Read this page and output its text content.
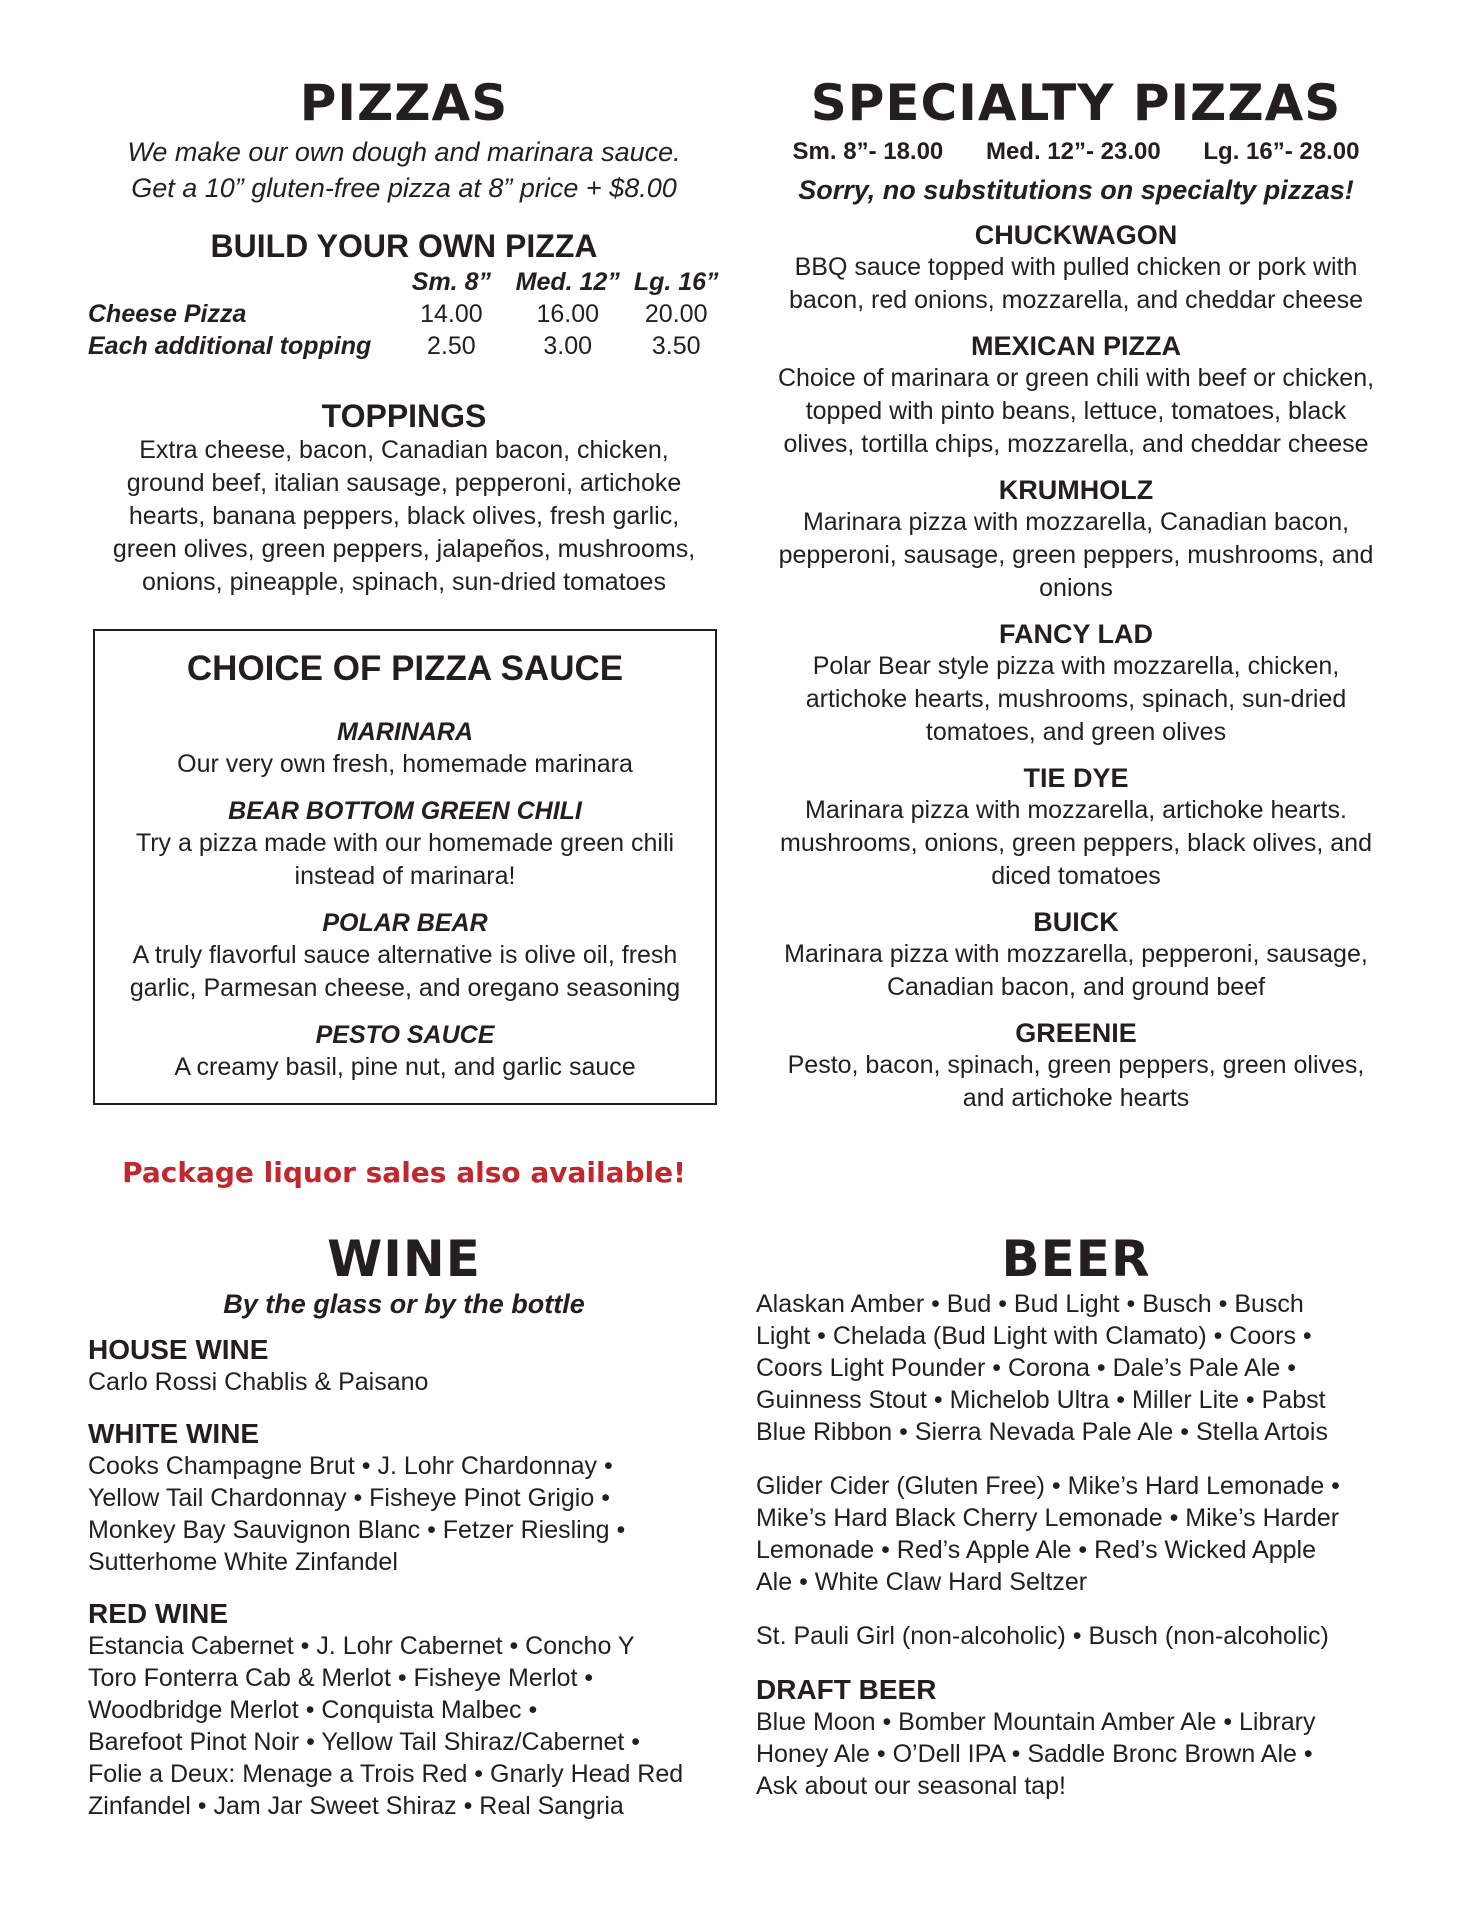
PIZZAS
We make our own dough and marinara sauce.
Get a 10” gluten-free pizza at 8” price + $8.00
BUILD YOUR OWN PIZZA
	Sm. 8”	Med. 12”	Lg. 16”
Cheese Pizza	14.00	16.00	20.00
Each additional topping	2.50	3.00	3.50
TOPPINGS
Extra cheese, bacon, Canadian bacon, chicken,
ground beef, italian sausage, pepperoni, artichoke
hearts, banana peppers, black olives, fresh garlic,
green olives, green peppers, jalapeños, mushrooms,
onions, pineapple, spinach, sun-dried tomatoes
CHOICE OF PIZZA SAUCE
MARINARA
Our very own fresh, homemade marinara
BEAR BOTTOM GREEN CHILI
Try a pizza made with our homemade green chili
instead of marinara!
POLAR BEAR
A truly flavorful sauce alternative is olive oil, fresh
garlic, Parmesan cheese, and oregano seasoning
PESTO SAUCE
A creamy basil, pine nut, and garlic sauce
Package liquor sales also available!
WINE
By the glass or by the bottle
HOUSE WINE
Carlo Rossi Chablis & Paisano
WHITE WINE
Cooks Champagne Brut • J. Lohr Chardonnay •
Yellow Tail Chardonnay • Fisheye Pinot Grigio •
Monkey Bay Sauvignon Blanc • Fetzer Riesling •
Sutterhome White Zinfandel
RED WINE
Estancia Cabernet • J. Lohr Cabernet • Concho Y
Toro Fonterra Cab & Merlot • Fisheye Merlot •
Woodbridge Merlot • Conquista Malbec •
Barefoot Pinot Noir • Yellow Tail Shiraz/Cabernet •
Folie a Deux: Menage a Trois Red • Gnarly Head Red
Zinfandel • Jam Jar Sweet Shiraz • Real Sangria
SPECIALTY PIZZAS
Sm. 8”- 18.00 Med. 12”- 23.00 Lg. 16”- 28.00
Sorry, no substitutions on specialty pizzas!
CHUCKWAGON
BBQ sauce topped with pulled chicken or pork with
bacon, red onions, mozzarella, and cheddar cheese
MEXICAN PIZZA
Choice of marinara or green chili with beef or chicken,
topped with pinto beans, lettuce, tomatoes, black
olives, tortilla chips, mozzarella, and cheddar cheese
KRUMHOLZ
Marinara pizza with mozzarella, Canadian bacon,
pepperoni, sausage, green peppers, mushrooms, and
onions
FANCY LAD
Polar Bear style pizza with mozzarella, chicken,
artichoke hearts, mushrooms, spinach, sun-dried
tomatoes, and green olives
TIE DYE
Marinara pizza with mozzarella, artichoke hearts.
mushrooms, onions, green peppers, black olives, and
diced tomatoes
BUICK
Marinara pizza with mozzarella, pepperoni, sausage,
Canadian bacon, and ground beef
GREENIE
Pesto, bacon, spinach, green peppers, green olives,
and artichoke hearts
BEER
Alaskan Amber • Bud • Bud Light • Busch • Busch
Light • Chelada (Bud Light with Clamato) • Coors •
Coors Light Pounder • Corona • Dale’s Pale Ale •
Guinness Stout • Michelob Ultra • Miller Lite • Pabst
Blue Ribbon • Sierra Nevada Pale Ale • Stella Artois
Glider Cider (Gluten Free) • Mike’s Hard Lemonade •
Mike’s Hard Black Cherry Lemonade • Mike’s Harder
Lemonade • Red’s Apple Ale • Red’s Wicked Apple
Ale • White Claw Hard Seltzer
St. Pauli Girl (non-alcoholic) • Busch (non-alcoholic)
DRAFT BEER
Blue Moon • Bomber Mountain Amber Ale • Library
Honey Ale • O’Dell IPA • Saddle Bronc Brown Ale •
Ask about our seasonal tap!
